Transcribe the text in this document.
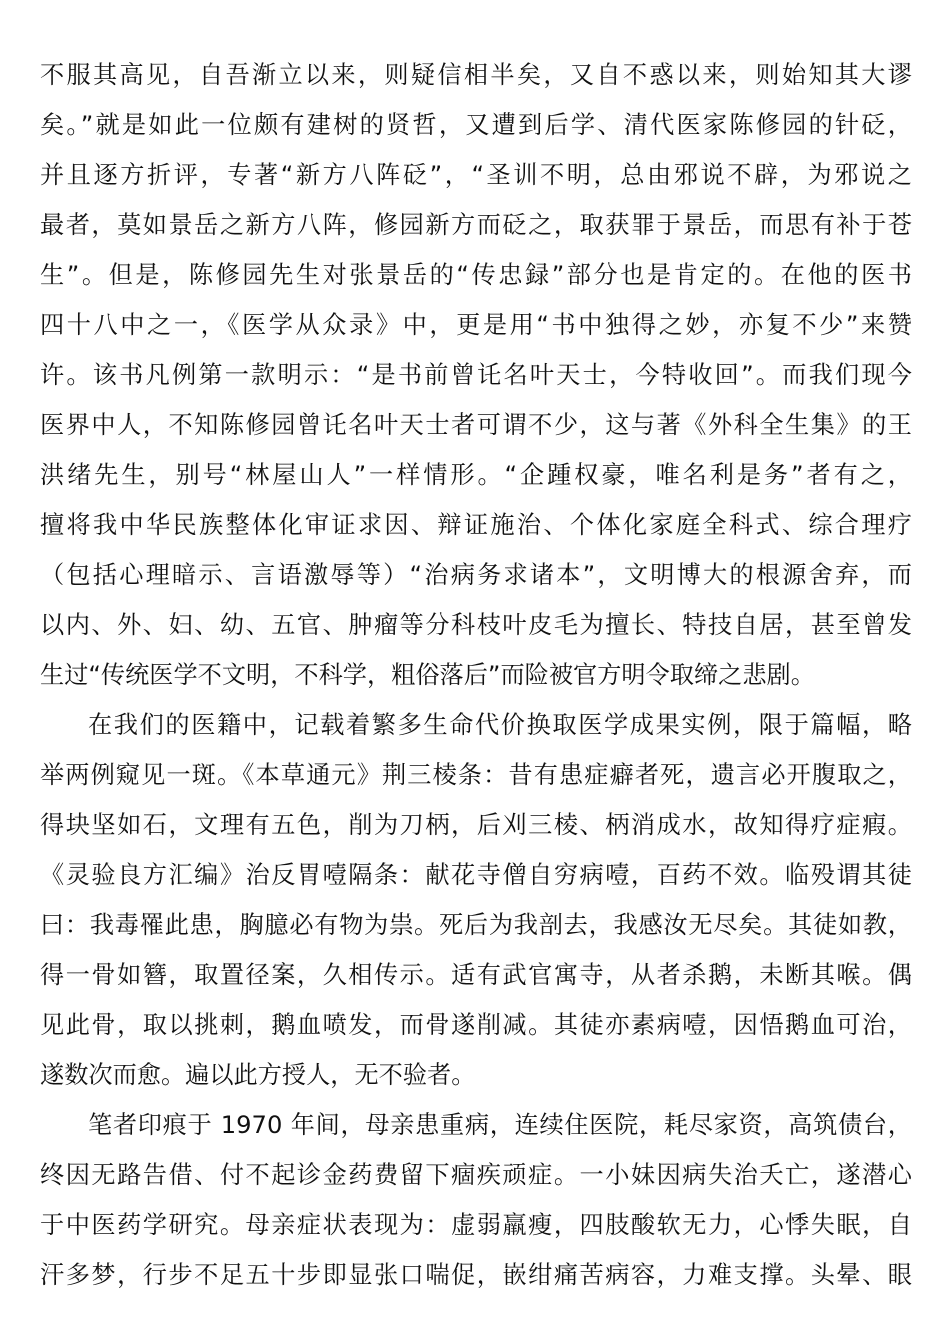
不服其高见，自吾渐立以来，则疑信相半矣，又自不惑以来，则始知其大谬
矣。”就是如此一位颇有建树的贤哲，又遭到后学、清代医家陈修园的针砭，
并且逐方折评，专著“新方八阵砭”，“圣训不明，总由邪说不辟，为邪说之
最者，莫如景岳之新方八阵，修园新方而砭之，取获罪于景岳，而思有补于苍
生”。但是，陈修园先生对张景岳的“传忠録”部分也是肯定的。在他的医书
四十八中之一，《医学从众录》中，更是用“书中独得之妙，亦复不少”来赞
许。该书凡例第一款明示：“是书前曾讬名叶天士，今特收回”。而我们现今
医界中人，不知陈修园曾讬名叶天士者可谓不少，这与著《外科全生集》的王
洪绪先生，别号“林屋山人”一样情形。“企踵权豪，唯名利是务”者有之，
擅将我中华民族整体化审证求因、辩证施治、个体化家庭全科式、综合理疗
（包括心理暗示、言语激辱等）“治病务求诸本”，文明博大的根源舍弃，而
以内、外、妇、幼、五官、肿瘤等分科枝叶皮毛为擅长、特技自居，甚至曾发
生过“传统医学不文明，不科学，粗俗落后”而险被官方明令取缔之悲剧。
在我们的医籍中，记载着繁多生命代价换取医学成果实例，限于篇幅，略
举两例窥见一斑。《本草通元》荆三棱条：昔有患症癖者死，遗言必开腹取之，
得块坚如石，文理有五色，削为刀柄，后刈三棱、柄消成水，故知得疗症瘕。
《灵验良方汇编》治反胃噎隔条：献花寺僧自穷病噎，百药不效。临殁谓其徒
曰：我毒罹此患，胸臆必有物为祟。死后为我剖去，我感汝无尽矣。其徒如教，
得一骨如簪，取置径案，久相传示。适有武官寓寺，从者杀鹅，未断其喉。偶
见此骨，取以挑刺，鹅血喷发，而骨遂削减。其徒亦素病噎，因悟鹅血可治，
遂数次而愈。遍以此方授人，无不验者。
笔者印痕于 1970 年间，母亲患重病，连续住医院，耗尽家资，高筑债台，
终因无路告借、付不起诊金药费留下痼疾顽症。一小妹因病失治夭亡，遂潜心
于中医药学研究。母亲症状表现为：虚弱羸瘦，四肢酸软无力，心悸失眠，自
汗多梦，行步不足五十步即显张口喘促，嵌绀痛苦病容，力难支撑。头晕、眼
